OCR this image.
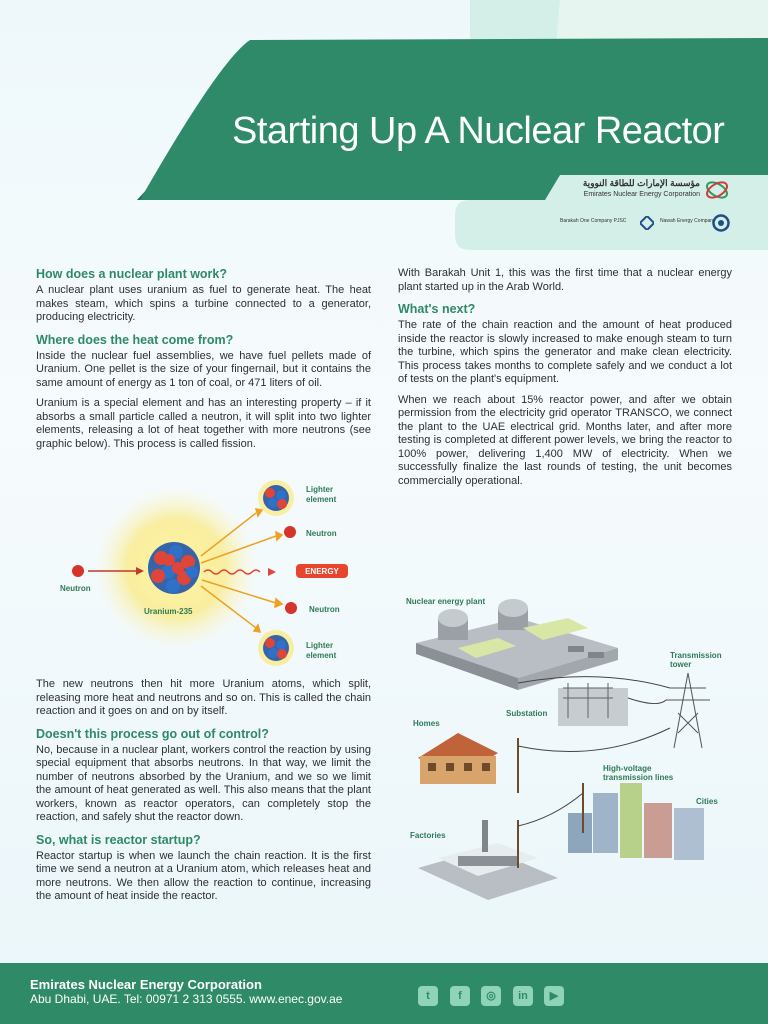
Starting Up A Nuclear Reactor
مؤسسة الإمارات للطاقة النووية
Emirates Nuclear Energy Corporation
Barakah One Company PJSC	Nawah Energy Company
How does a nuclear plant work?
A nuclear plant uses uranium as fuel to generate heat. The heat makes steam, which spins a turbine connected to a generator, producing electricity.
Where does the heat come from?
Inside the nuclear fuel assemblies, we have fuel pellets made of Uranium. One pellet is the size of your fingernail, but it contains the same amount of energy as 1 ton of coal, or 471 liters of oil.
Uranium is a special element and has an interesting property – if it absorbs a small particle called a neutron, it will split into two lighter elements, releasing a lot of heat together with more neutrons (see graphic below). This process is called fission.
Neutron
Uranium-235
Lighter
element
Neutron
ENERGY
Neutron
Lighter
element
The new neutrons then hit more Uranium atoms, which split, releasing more heat and neutrons and so on. This is called the chain reaction and it goes on and on by itself.
Doesn't this process go out of control?
No, because in a nuclear plant, workers control the reaction by using special equipment that absorbs neutrons. In that way, we limit the number of neutrons absorbed by the Uranium, and we so we limit the amount of heat generated as well. This also means that the plant workers, known as reactor operators, can completely stop the reaction, and safely shut the reactor down.
So, what is reactor startup?
Reactor startup is when we launch the chain reaction. It is the first time we send a neutron at a Uranium atom, which releases heat and more neutrons. We then allow the reaction to continue, increasing the amount of heat inside the reactor.
With Barakah Unit 1, this was the first time that a nuclear energy plant started up in the Arab World.
What's next?
The rate of the chain reaction and the amount of heat produced inside the reactor is slowly increased to make enough steam to turn the turbine, which spins the generator and make clean electricity. This process takes months to complete safely and we conduct a lot of tests on the plant's equipment.
When we reach about 15% reactor power, and after we obtain permission from the electricity grid operator TRANSCO, we connect the plant to the UAE electrical grid. Months later, and after more testing is completed at different power levels, we bring the reactor to 100% power, delivering 1,400 MW of electricity. When we successfully finalize the last rounds of testing, the unit becomes commercially operational.
Nuclear energy plant
Transmission
tower
Substation
Homes
High-voltage
transmission lines
Cities
Factories
Emirates Nuclear Energy Corporation
Abu Dhabi, UAE. Tel: 00971 2 313 0555. www.enec.gov.ae	t	f	◎	in	▶
